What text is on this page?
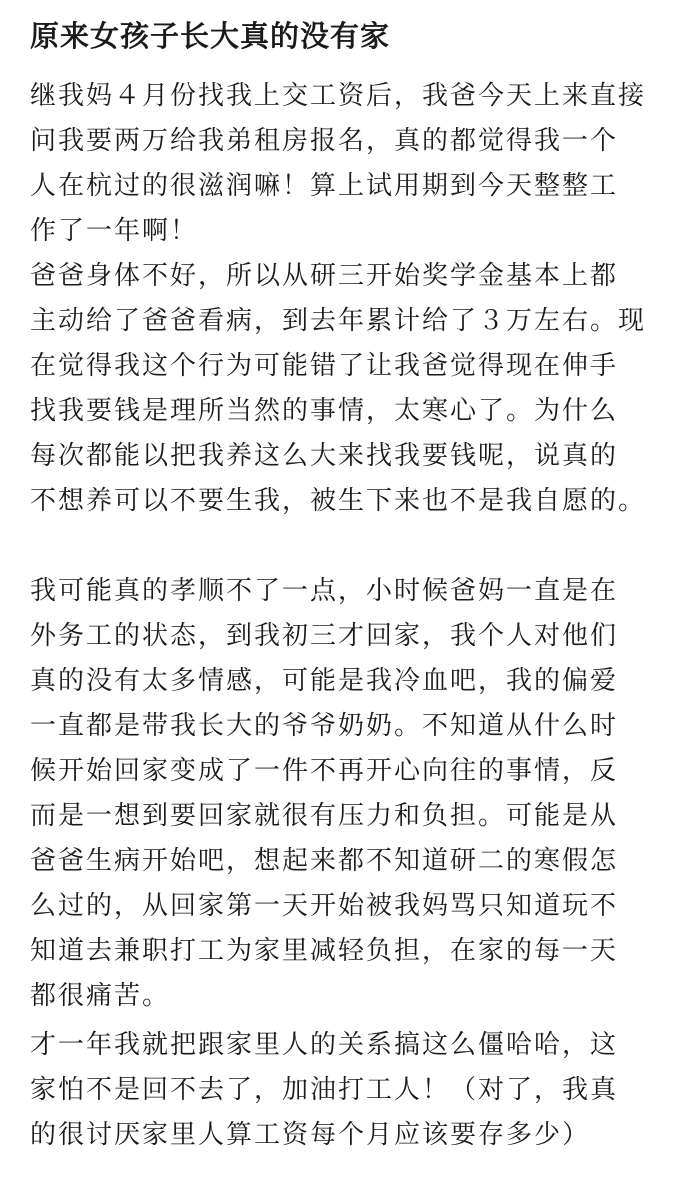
原来女孩子长大真的没有家
继我妈４月份找我上交工资后，我爸今天上来直接
问我要两万给我弟租房报名，真的都觉得我一个
人在杭过的很滋润嘛！算上试用期到今天整整工
作了一年啊！
爸爸身体不好，所以从研三开始奖学金基本上都
主动给了爸爸看病，到去年累计给了３万左右。现
在觉得我这个行为可能错了让我爸觉得现在伸手
找我要钱是理所当然的事情，太寒心了。为什么
每次都能以把我养这么大来找我要钱呢，说真的
不想养可以不要生我，被生下来也不是我自愿的。
我可能真的孝顺不了一点，小时候爸妈一直是在
外务工的状态，到我初三才回家，我个人对他们
真的没有太多情感，可能是我冷血吧，我的偏爱
一直都是带我长大的爷爷奶奶。不知道从什么时
候开始回家变成了一件不再开心向往的事情，反
而是一想到要回家就很有压力和负担。可能是从
爸爸生病开始吧，想起来都不知道研二的寒假怎
么过的，从回家第一天开始被我妈骂只知道玩不
知道去兼职打工为家里减轻负担，在家的每一天
都很痛苦。
才一年我就把跟家里人的关系搞这么僵哈哈，这
家怕不是回不去了，加油打工人！（对了，我真
的很讨厌家里人算工资每个月应该要存多少）
